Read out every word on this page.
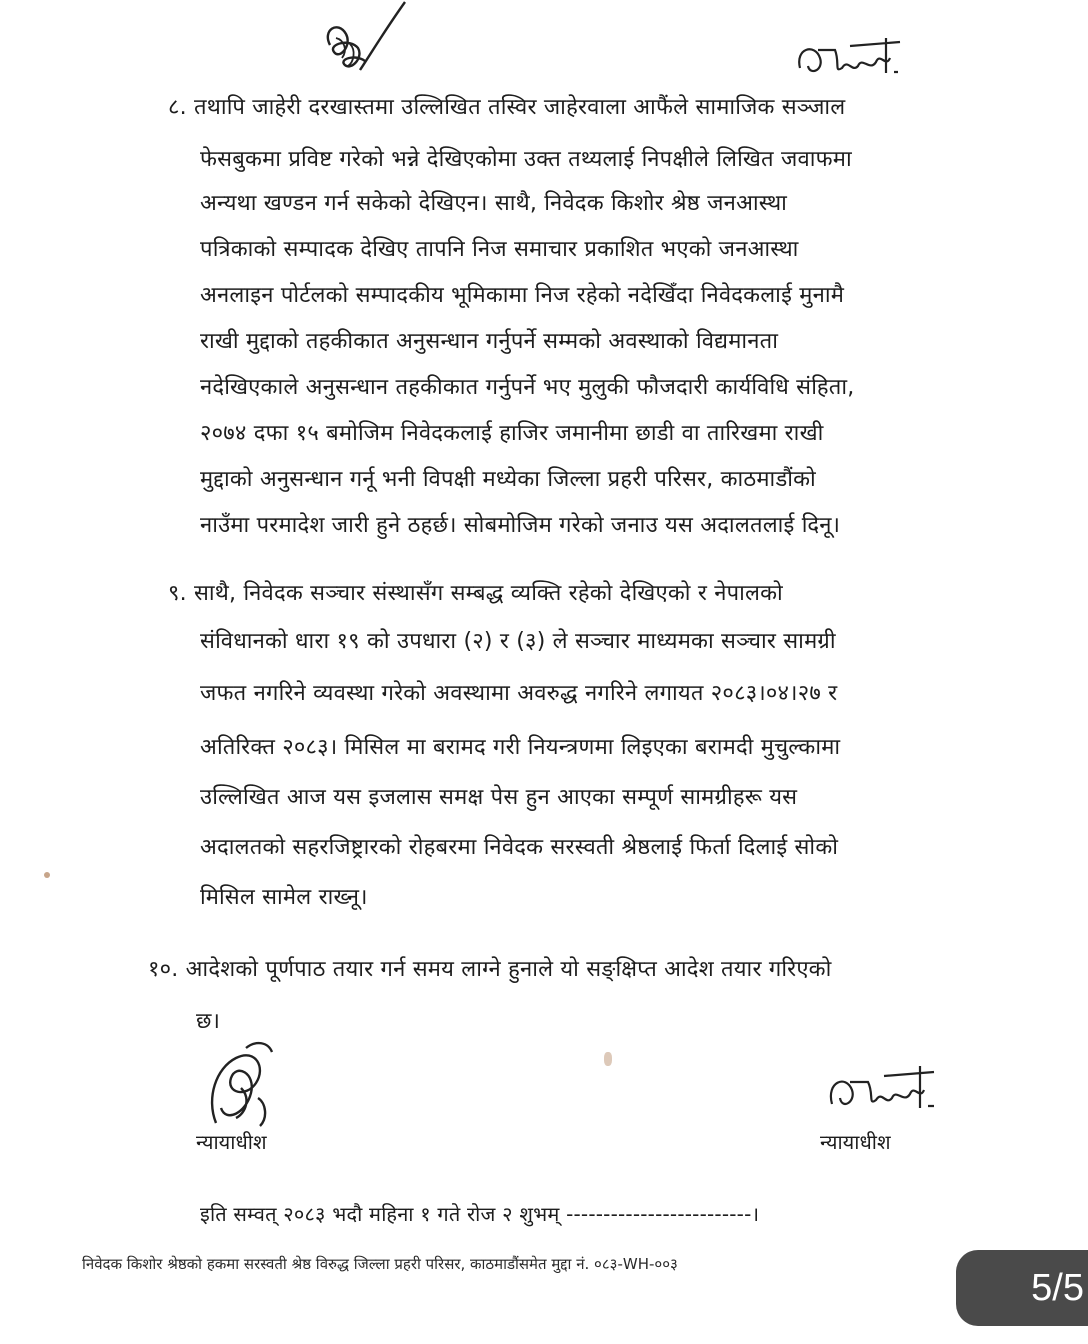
८. तथापि जाहेरी दरखास्तमा उल्लिखित तस्विर जाहेरवाला आफैंले सामाजिक सञ्जाल
फेसबुकमा प्रविष्ट गरेको भन्ने देखिएकोमा उक्त तथ्यलाई निपक्षीले लिखित जवाफमा
अन्यथा खण्डन गर्न सकेको देखिएन। साथै, निवेदक किशोर श्रेष्ठ जनआस्था
पत्रिकाको सम्पादक देखिए तापनि निज समाचार प्रकाशित भएको जनआस्था
अनलाइन पोर्टलको सम्पादकीय भूमिकामा निज रहेको नदेखिँदा निवेदकलाई मुनामै
राखी मुद्दाको तहकीकात अनुसन्धान गर्नुपर्ने सम्मको अवस्थाको विद्यमानता
नदेखिएकाले अनुसन्धान तहकीकात गर्नुपर्ने भए मुलुकी फौजदारी कार्यविधि संहिता,
२०७४ दफा १५ बमोजिम निवेदकलाई हाजिर जमानीमा छाडी वा तारिखमा राखी
मुद्दाको अनुसन्धान गर्नू भनी विपक्षी मध्येका जिल्ला प्रहरी परिसर, काठमाडौंको
नाउँमा परमादेश जारी हुने ठहर्छ। सोबमोजिम गरेको जनाउ यस अदालतलाई दिनू।
९. साथै, निवेदक सञ्चार संस्थासँग सम्बद्ध व्यक्ति रहेको देखिएको र नेपालको
संविधानको धारा १९ को उपधारा (२) र (३) ले सञ्चार माध्यमका सञ्चार सामग्री
जफत नगरिने व्यवस्था गरेको अवस्थामा अवरुद्ध नगरिने लगायत २०८३।०४।२७ र
अतिरिक्त २०८३। मिसिल मा बरामद गरी नियन्त्रणमा लिइएका बरामदी मुचुल्कामा
उल्लिखित आज यस इजलास समक्ष पेस हुन आएका सम्पूर्ण सामग्रीहरू यस
अदालतको सहरजिष्ट्रारको रोहबरमा निवेदक सरस्वती श्रेष्ठलाई फिर्ता दिलाई सोको
मिसिल सामेल राख्नू।
१०. आदेशको पूर्णपाठ तयार गर्न समय लाग्ने हुनाले यो सङ्क्षिप्त आदेश तयार गरिएको
छ।
न्यायाधीश	न्यायाधीश
इति सम्वत् २०८३ भदौ महिना १ गते रोज २ शुभम् -------------------------।
निवेदक किशोर श्रेष्ठको हकमा सरस्वती श्रेष्ठ विरुद्ध जिल्ला प्रहरी परिसर, काठमाडौंसमेत मुद्दा नं. ०८३-WH-००३
5/5
